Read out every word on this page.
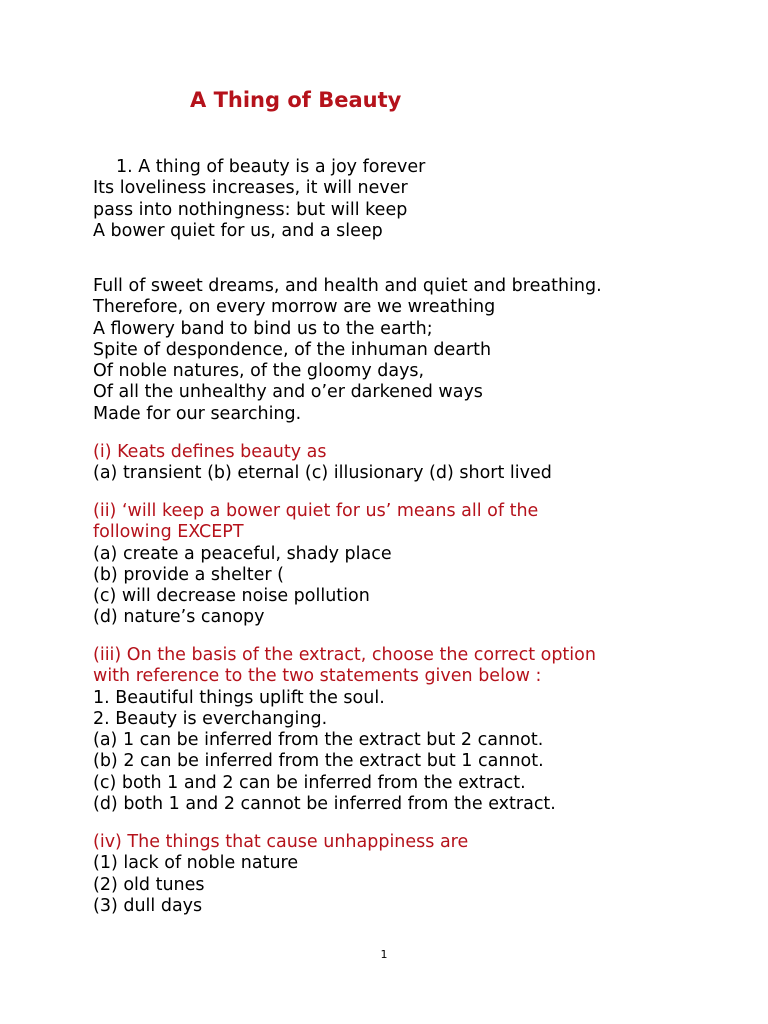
A Thing of Beauty
1. A thing of beauty is a joy forever
Its loveliness increases, it will never
pass into nothingness: but will keep
A bower quiet for us, and a sleep
Full of sweet dreams, and health and quiet and breathing.
Therefore, on every morrow are we wreathing
A flowery band to bind us to the earth;
Spite of despondence, of the inhuman dearth
Of noble natures, of the gloomy days,
Of all the unhealthy and o’er darkened ways
Made for our searching.
(i) Keats defines beauty as
(a) transient (b) eternal (c) illusionary (d) short lived
(ii) ‘will keep a bower quiet for us’ means all of the
following EXCEPT
(a) create a peaceful, shady place
(b) provide a shelter (
(c) will decrease noise pollution
(d) nature’s canopy
(iii) On the basis of the extract, choose the correct option
with reference to the two statements given below :
1. Beautiful things uplift the soul.
2. Beauty is everchanging.
(a) 1 can be inferred from the extract but 2 cannot.
(b) 2 can be inferred from the extract but 1 cannot.
(c) both 1 and 2 can be inferred from the extract.
(d) both 1 and 2 cannot be inferred from the extract.
(iv) The things that cause unhappiness are
(1) lack of noble nature
(2) old tunes
(3) dull days
1
